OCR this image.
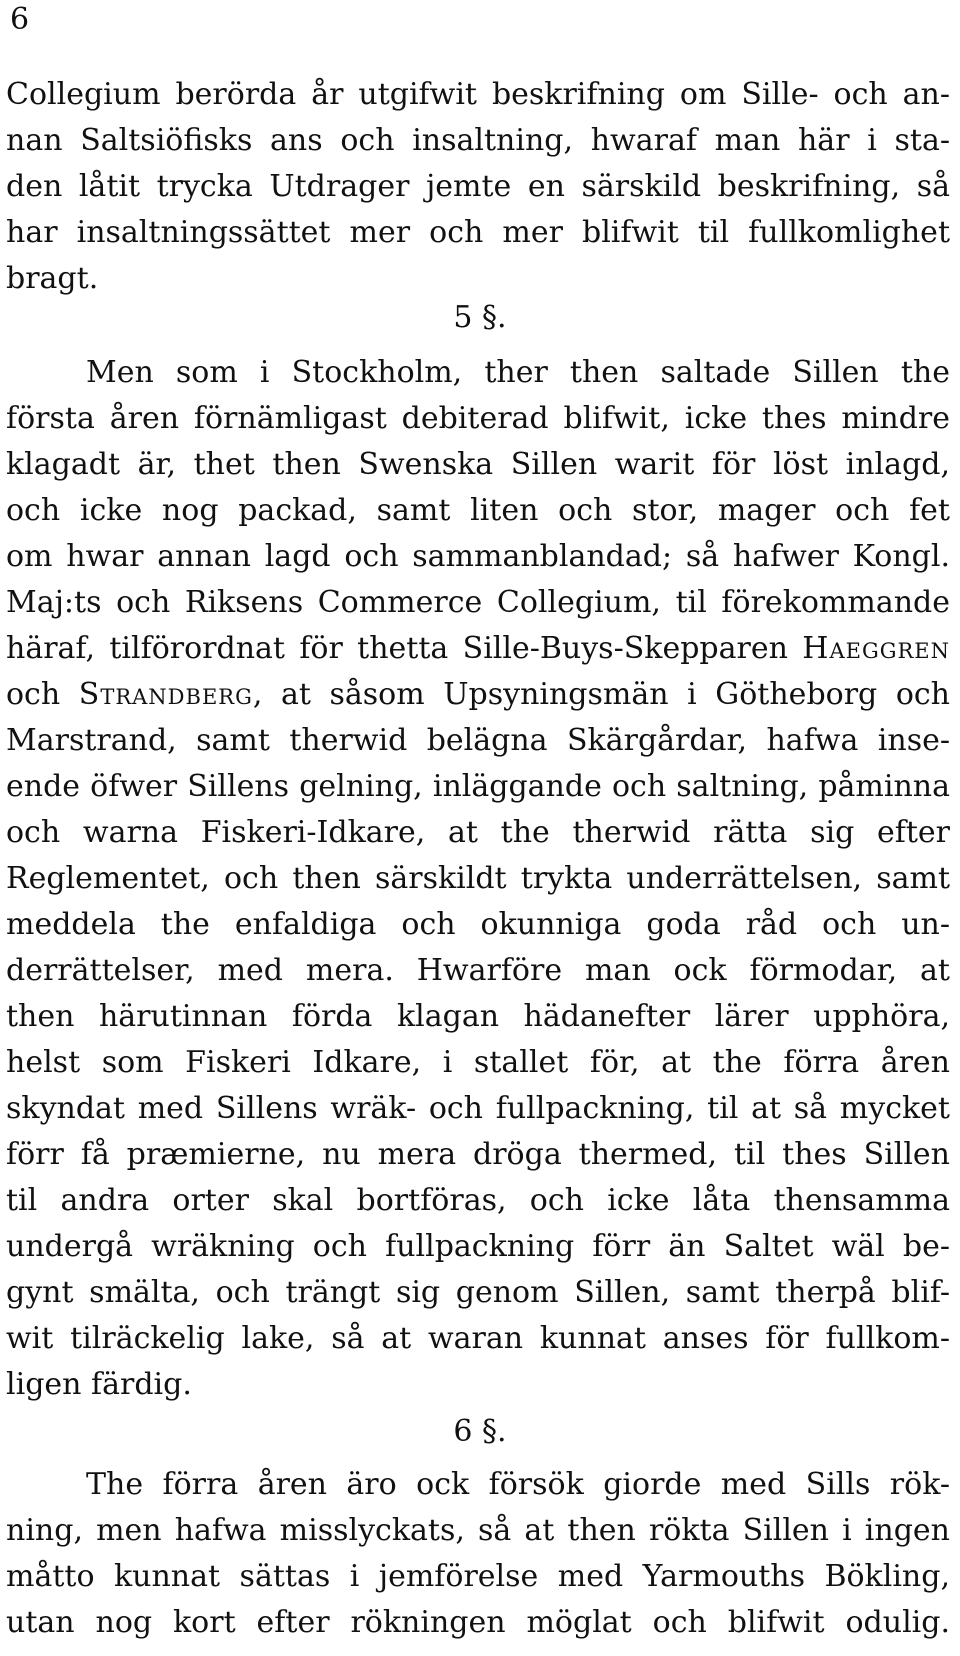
6
Collegium berörda år utgifwit beskrifning om Sille- och an-
nan Saltsiöfisks ans och insaltning, hwaraf man här i sta-
den låtit trycka Utdrager jemte en särskild beskrifning, så
har insaltningssättet mer och mer blifwit til fullkomlighet
bragt.
5 §.
Men som i Stockholm, ther then saltade Sillen the
första åren förnämligast debiterad blifwit, icke thes mindre
klagadt är, thet then Swenska Sillen warit för löst inlagd,
och icke nog packad, samt liten och stor, mager och fet
om hwar annan lagd och sammanblandad; så hafwer Kongl.
Maj:ts och Riksens Commerce Collegium, til förekommande
häraf, tilförordnat för thetta Sille-Buys-Skepparen Haeggren
och Strandberg, at såsom Upsyningsmän i Götheborg och
Marstrand, samt therwid belägna Skärgårdar, hafwa inse-
ende öfwer Sillens gelning, inläggande och saltning, påminna
och warna Fiskeri-Idkare, at the therwid rätta sig efter
Reglementet, och then särskildt trykta underrättelsen, samt
meddela the enfaldiga och okunniga goda råd och un-
derrättelser, med mera. Hwarföre man ock förmodar, at
then härutinnan förda klagan hädanefter lärer upphöra,
helst som Fiskeri Idkare, i stallet för, at the förra åren
skyndat med Sillens wräk- och fullpackning, til at så mycket
förr få præmierne, nu mera dröga thermed, til thes Sillen
til andra orter skal bortföras, och icke låta thensamma
undergå wräkning och fullpackning förr än Saltet wäl be-
gynt smälta, och trängt sig genom Sillen, samt therpå blif-
wit tilräckelig lake, så at waran kunnat anses för fullkom-
ligen färdig.
6 §.
The förra åren äro ock försök giorde med Sills rök-
ning, men hafwa misslyckats, så at then rökta Sillen i ingen
måtto kunnat sättas i jemförelse med Yarmouths Bökling,
utan nog kort efter rökningen möglat och blifwit odulig.
